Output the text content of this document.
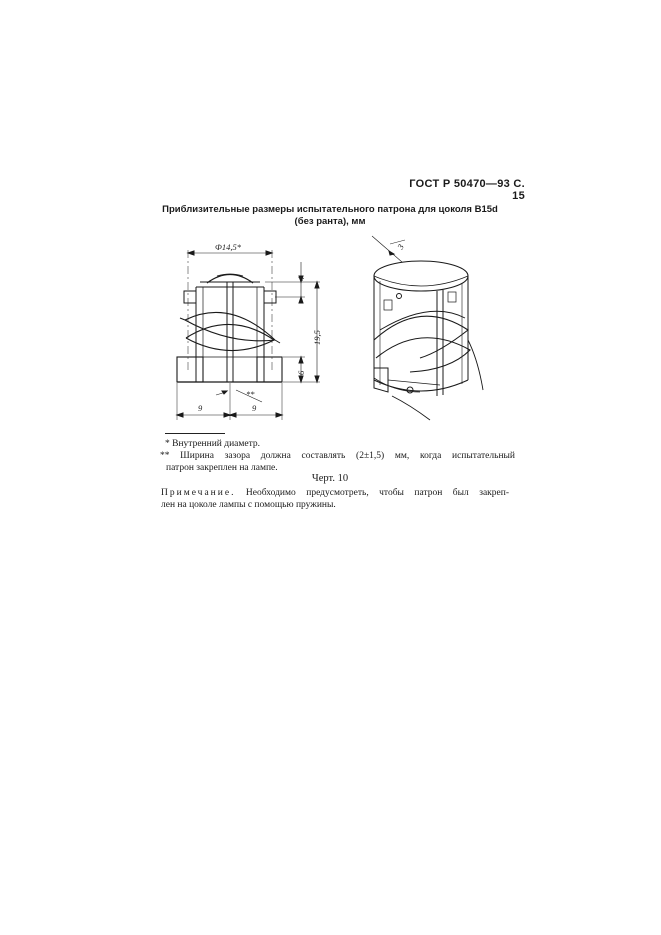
ГОСТ Р 50470—93 С. 15
Приблизительные размеры испытательного патрона для цоколя B15d
(без ранта), мм
Ф14,5*
4
19,5
6
**
9	9
3
* Внутренний диаметр.
** Ширина зазора должна составлять (2±1,5) мм, когда испытательный
патрон закреплен на лампе.
Черт. 10
Примечание. Необходимо предусмотреть, чтобы патрон был закреп-
лен на цоколе лампы с помощью пружины.
